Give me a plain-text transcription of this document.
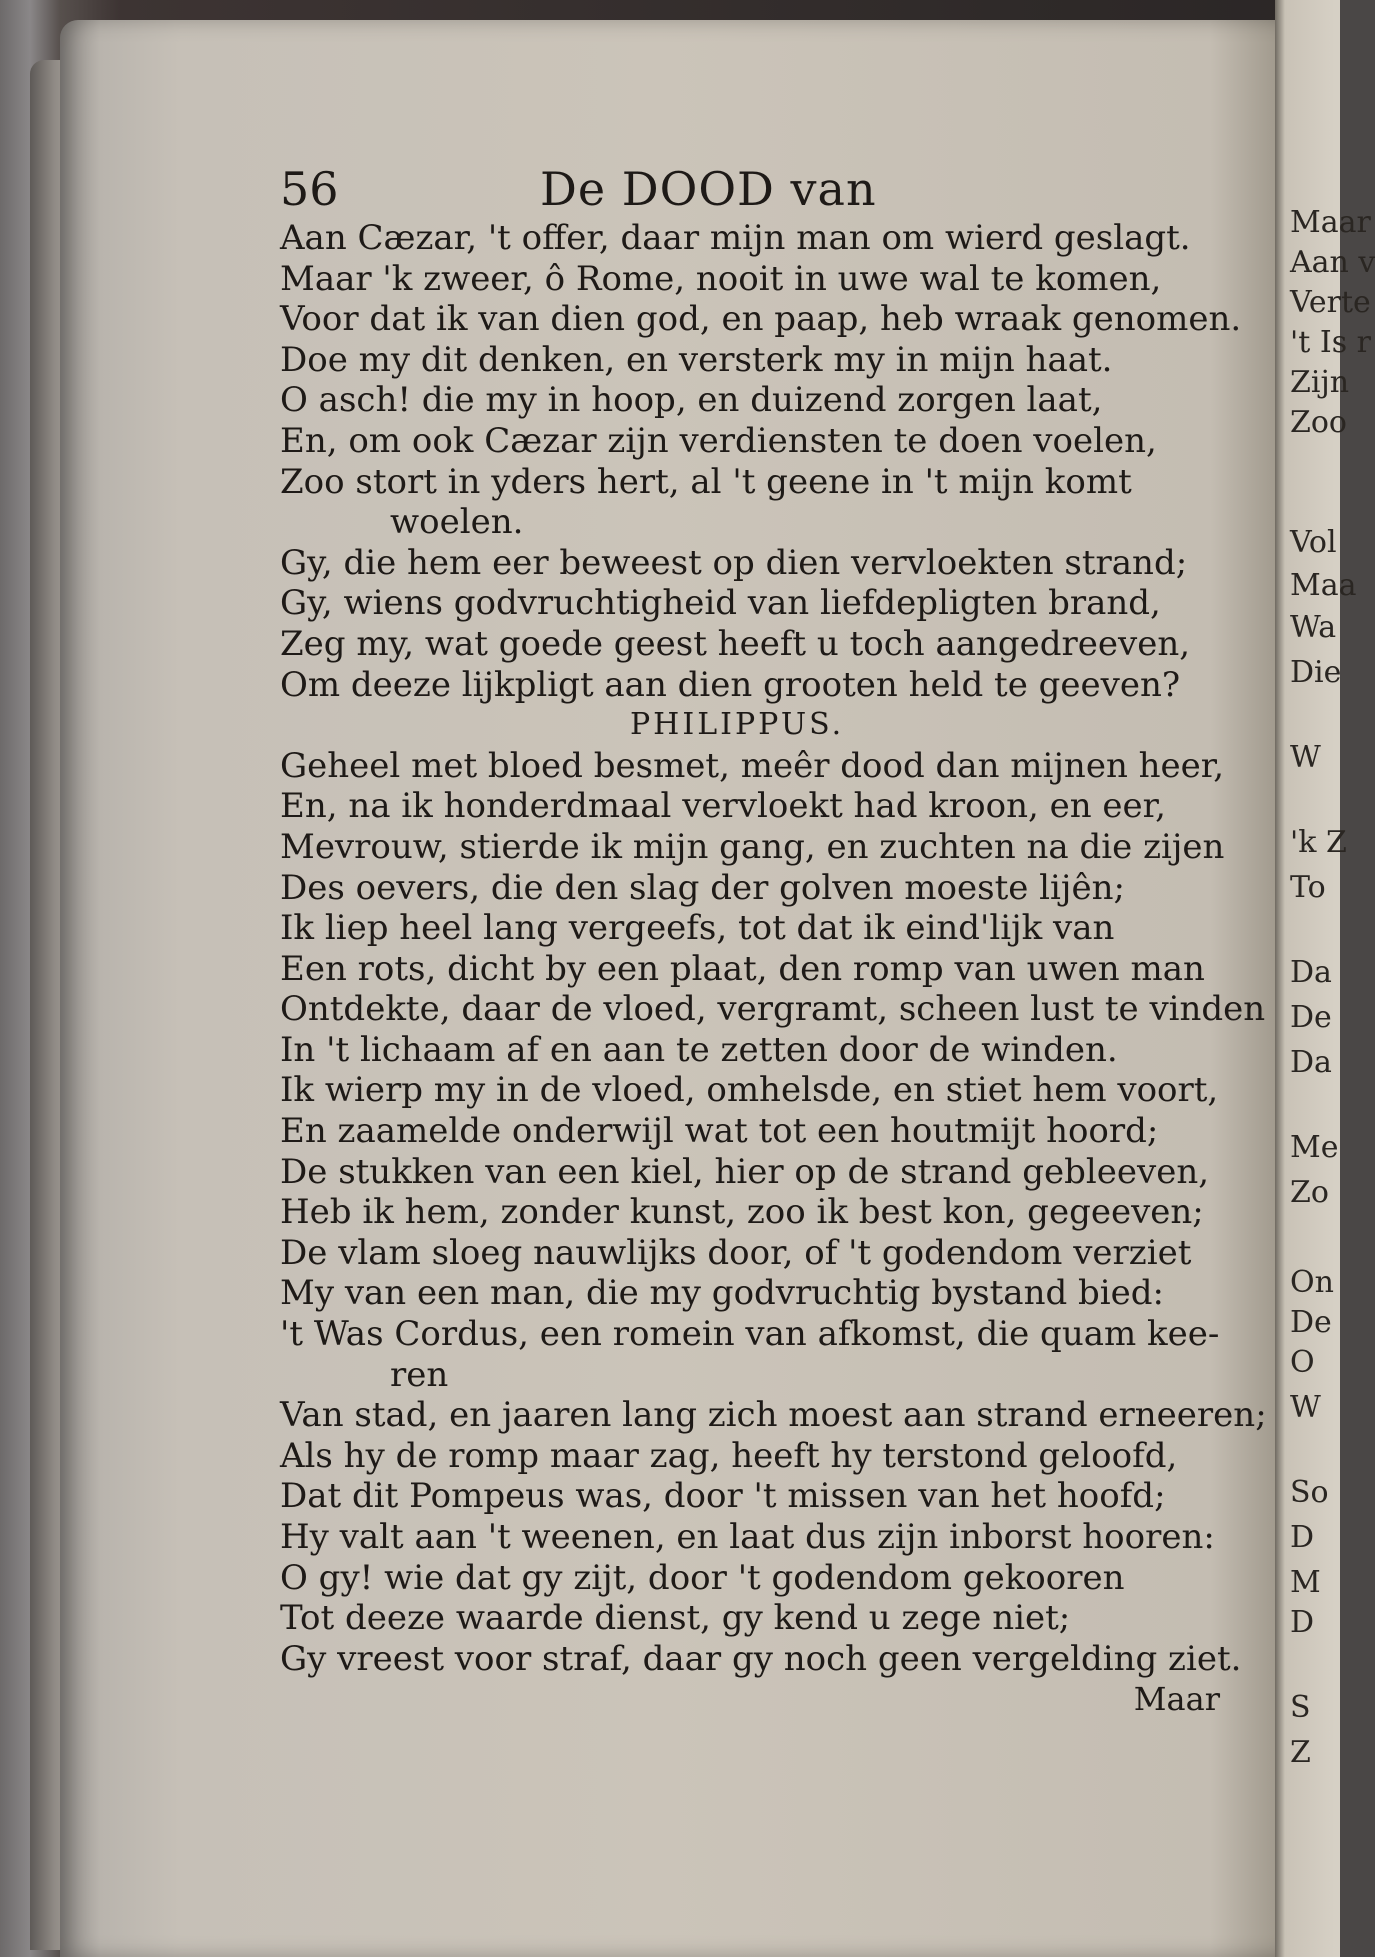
56	De DOOD van
Aan Cæzar, 't offer, daar mijn man om wierd geslagt.
Maar 'k zweer, ô Rome, nooit in uwe wal te komen,
Voor dat ik van dien god, en paap, heb wraak genomen.
Doe my dit denken, en versterk my in mijn haat.
O asch! die my in hoop, en duizend zorgen laat,
En, om ook Cæzar zijn verdiensten te doen voelen,
Zoo stort in yders hert, al 't geene in 't mijn komt
woelen.
Gy, die hem eer beweest op dien vervloekten strand;
Gy, wiens godvruchtigheid van liefdepligten brand,
Zeg my, wat goede geest heeft u toch aangedreeven,
Om deeze lijkpligt aan dien grooten held te geeven?
PHILIPPUS.
Geheel met bloed besmet, meêr dood dan mijnen heer,
En, na ik honderdmaal vervloekt had kroon, en eer,
Mevrouw, stierde ik mijn gang, en zuchten na die zijen
Des oevers, die den slag der golven moeste lijên;
Ik liep heel lang vergeefs, tot dat ik eind'lijk van
Een rots, dicht by een plaat, den romp van uwen man
Ontdekte, daar de vloed, vergramt, scheen lust te vinden
In 't lichaam af en aan te zetten door de winden.
Ik wierp my in de vloed, omhelsde, en stiet hem voort,
En zaamelde onderwijl wat tot een houtmijt hoord;
De stukken van een kiel, hier op de strand gebleeven,
Heb ik hem, zonder kunst, zoo ik best kon, gegeeven;
De vlam sloeg nauwlijks door, of 't godendom verziet
My van een man, die my godvruchtig bystand bied:
't Was Cordus, een romein van afkomst, die quam kee-
ren
Van stad, en jaaren lang zich moest aan strand erneeren;
Als hy de romp maar zag, heeft hy terstond geloofd,
Dat dit Pompeus was, door 't missen van het hoofd;
Hy valt aan 't weenen, en laat dus zijn inborst hooren:
O gy! wie dat gy zijt, door 't godendom gekooren
Tot deeze waarde dienst, gy kend u zege niet;
Gy vreest voor straf, daar gy noch geen vergelding ziet.
Maar
Maar
Aan v
Verte
't Is r
Zijn
Zoo
Vol
Maa
Wa
Die
W
'k Z
To
Da
De
Da
Me
Zo
On
De
O
W
So
D
M
D
S
Z
